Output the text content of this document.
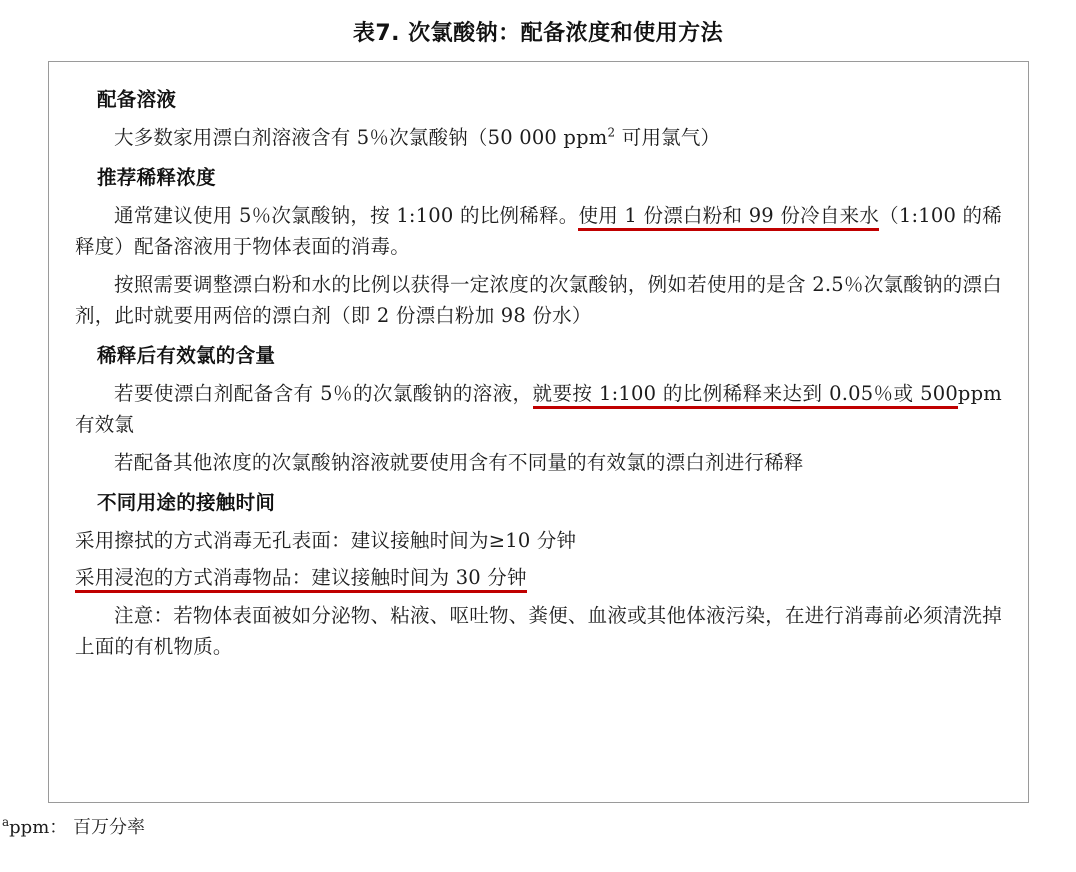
表7. 次氯酸钠：配备浓度和使用方法
配备溶液

大多数家用漂白剂溶液含有 5％次氯酸钠（50 000 ppm$^2$ 可用氯气）

推荐稀释浓度

通常建议使用 5％次氯酸钠，按 1:100 的比例稀释。使用 1 份漂白粉和 99 份冷自来水（1:100 的稀释度）配备溶液用于物体表面的消毒。

按照需要调整漂白粉和水的比例以获得一定浓度的次氯酸钠，例如若使用的是含 2.5％次氯酸钠的漂白剂，此时就要用两倍的漂白剂（即 2 份漂白粉加 98 份水）

稀释后有效氯的含量

若要使漂白剂配备含有 5％的次氯酸钠的溶液，就要按 1:100 的比例稀释来达到 0.05％或 500ppm 有效氯

若配备其他浓度的次氯酸钠溶液就要使用含有不同量的有效氯的漂白剂进行稀释

不同用途的接触时间

采用擦拭的方式消毒无孔表面：建议接触时间为≥10 分钟

采用浸泡的方式消毒物品：建议接触时间为 30 分钟

注意：若物体表面被如分泌物、粘液、呕吐物、粪便、血液或其他体液污染，在进行消毒前必须清洗掉上面的有机物质。

$^a$ppm： 百万分率
